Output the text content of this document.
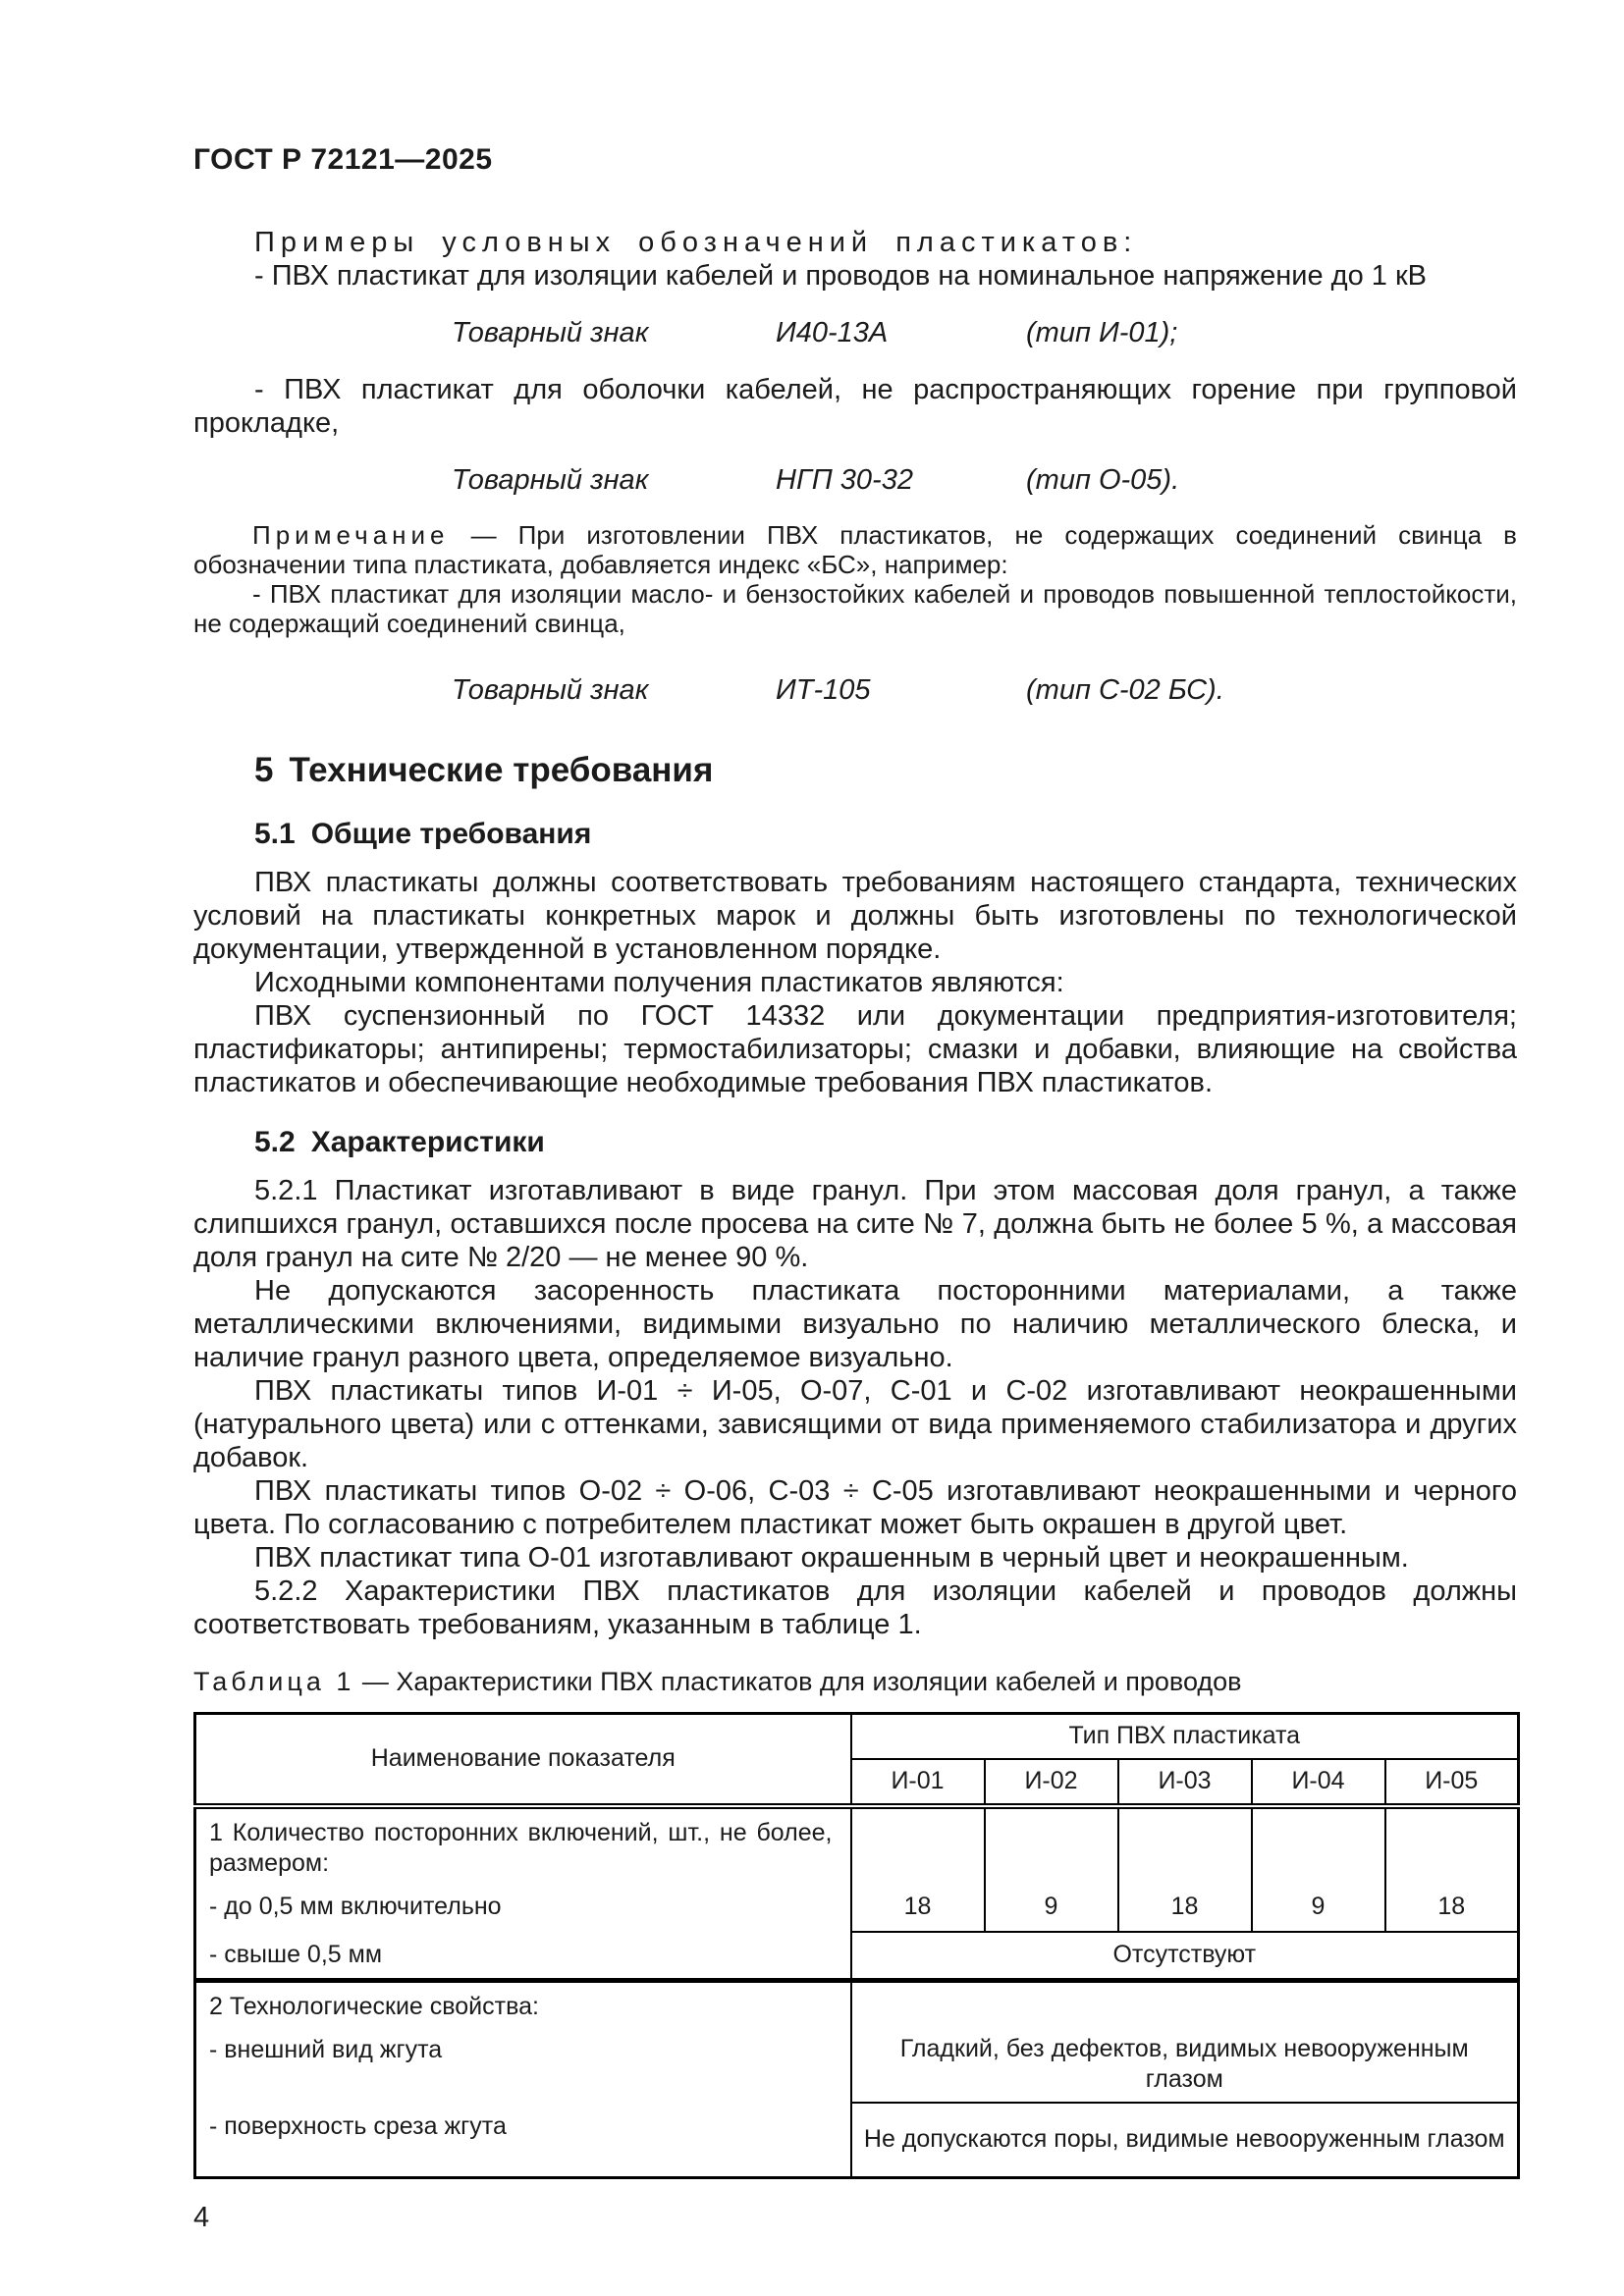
ГОСТ Р 72121—2025

Примеры условных обозначений пластикатов:

- ПВХ пластикат для изоляции кабелей и проводов на номинальное напряжение до 1 кВ

Товарный знак	И40-13А	(тип И-01);

- ПВХ пластикат для оболочки кабелей, не распространяющих горение при групповой прокладке,

Товарный знак	НГП 30-32	(тип О-05).

Примечание — При изготовлении ПВХ пластикатов, не содержащих соединений свинца в обозначении типа пластиката, добавляется индекс «БС», например:

- ПВХ пластикат для изоляции масло- и бензостойких кабелей и проводов повышенной теплостойкости, не содержащий соединений свинца,

Товарный знак	ИТ-105	(тип С-02 БС).

5 Технические требования
5.1 Общие требования

ПВХ пластикаты должны соответствовать требованиям настоящего стандарта, технических условий на пластикаты конкретных марок и должны быть изготовлены по технологической документации, утвержденной в установленном порядке.

Исходными компонентами получения пластикатов являются:

ПВХ суспензионный по ГОСТ 14332 или документации предприятия-изготовителя; пластификаторы; антипирены; термостабилизаторы; смазки и добавки, влияющие на свойства пластикатов и обеспечивающие необходимые требования ПВХ пластикатов.

5.2 Характеристики

5.2.1 Пластикат изготавливают в виде гранул. При этом массовая доля гранул, а также слипшихся гранул, оставшихся после просева на сите № 7, должна быть не более 5 %, а массовая доля гранул на сите № 2/20 — не менее 90 %.

Не допускаются засоренность пластиката посторонними материалами, а также металлическими включениями, видимыми визуально по наличию металлического блеска, и наличие гранул разного цвета, определяемое визуально.

ПВХ пластикаты типов И-01 ÷ И-05, О-07, С-01 и С-02 изготавливают неокрашенными (натурального цвета) или с оттенками, зависящими от вида применяемого стабилизатора и других добавок.

ПВХ пластикаты типов О-02 ÷ О-06, С-03 ÷ С-05 изготавливают неокрашенными и черного цвета. По согласованию с потребителем пластикат может быть окрашен в другой цвет.

ПВХ пластикат типа О-01 изготавливают окрашенным в черный цвет и неокрашенным.

5.2.2 Характеристики ПВХ пластикатов для изоляции кабелей и проводов должны соответствовать требованиям, указанным в таблице 1.

Таблица 1 — Характеристики ПВХ пластикатов для изоляции кабелей и проводов

Наименование показателя	Тип ПВХ пластиката				
	И-01	И-02	И-03	И-04	И-05
1 Количество посторонних включений, шт., не более, размером:					
- до 0,5 мм включительно	18	9	18	9	18
- свыше 0,5 мм	Отсутствуют				
2 Технологические свойства:					
- внешний вид жгута	Гладкий, без дефектов, видимых невооруженным глазом				
- поверхность среза жгута	Не допускаются поры, видимые невооруженным глазом				
4
